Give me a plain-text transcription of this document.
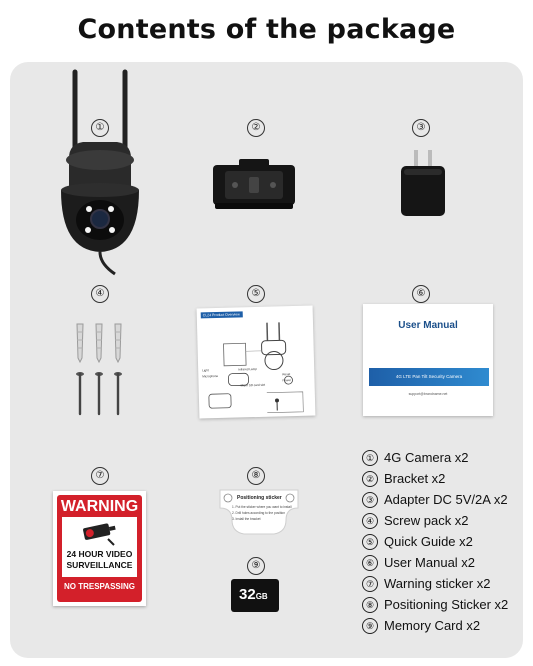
Contents of the package
①	②	③
④	⑤	⑥
⑦	⑧
⑨
CL24 Product Overview
Light
Microphone
Infrared Lamp
Micro SD card slot
Reset
Power
User Manual
4G LTE Pan Tilt Security Camera
support@brandname.net
WARNING
24 HOUR VIDEO
SURVEILLANCE
NO TRESPASSING
Positioning sticker
1. Put the sticker where you want to install
2. Drill holes according to the position
3. Install the bracket
32GB
① 4G Camera x2
② Bracket x2
③ Adapter DC 5V/2A x2
④ Screw pack x2
⑤ Quick Guide x2
⑥ User Manual x2
⑦ Warning sticker x2
⑧ Positioning Sticker x2
⑨ Memory Card x2
